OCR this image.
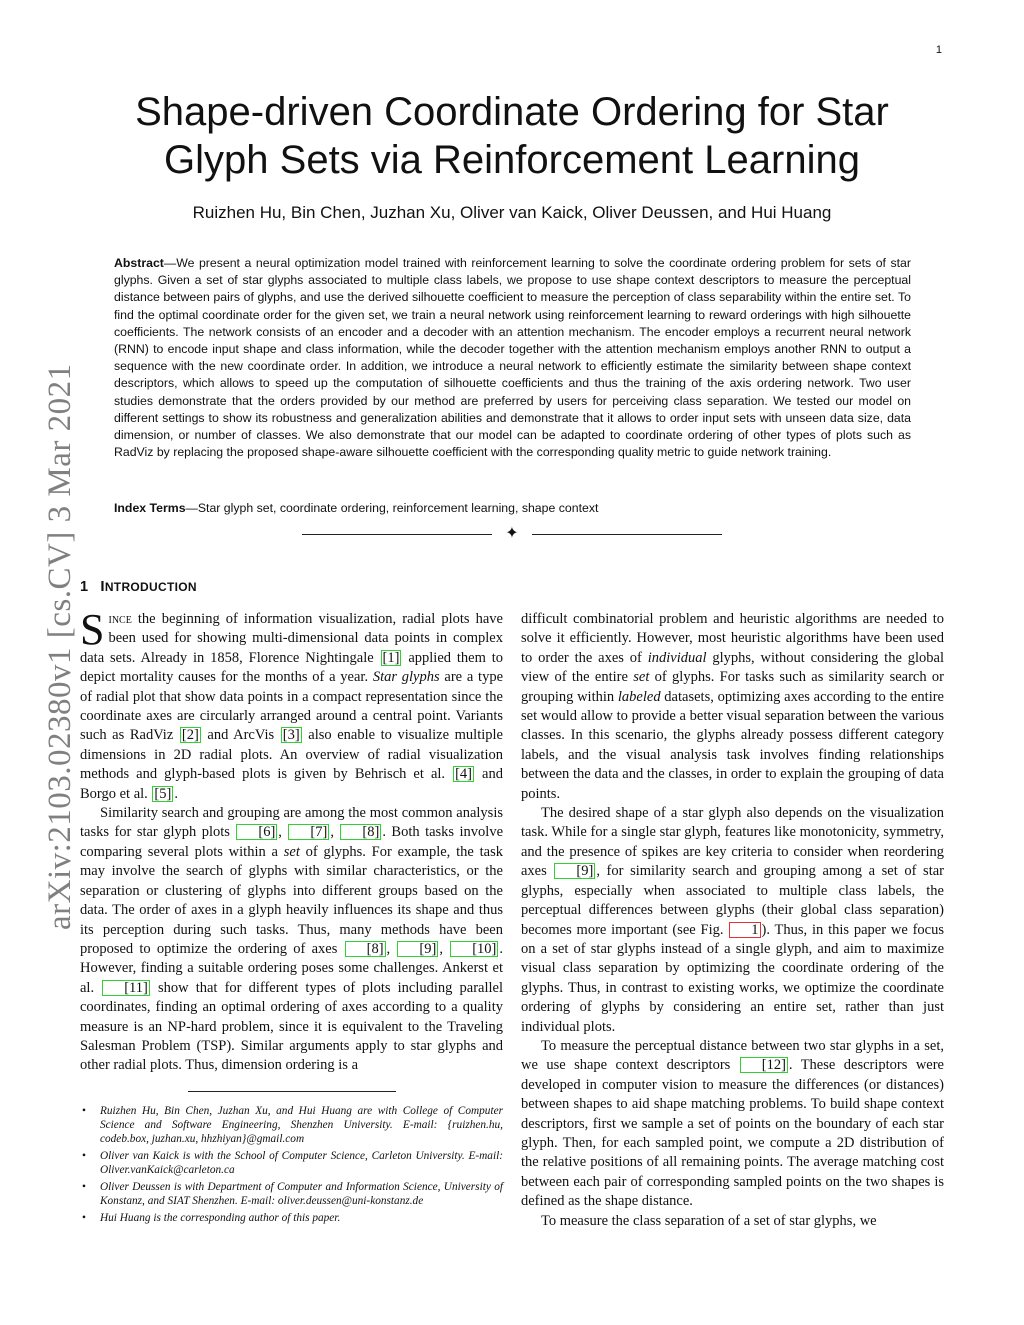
1
arXiv:2103.02380v1 [cs.CV] 3 Mar 2021
Shape-driven Coordinate Ordering for Star Glyph Sets via Reinforcement Learning
Ruizhen Hu, Bin Chen, Juzhan Xu, Oliver van Kaick, Oliver Deussen, and Hui Huang

Abstract—We present a neural optimization model trained with reinforcement learning to solve the coordinate ordering problem for sets of star glyphs. Given a set of star glyphs associated to multiple class labels, we propose to use shape context descriptors to measure the perceptual distance between pairs of glyphs, and use the derived silhouette coefficient to measure the perception of class separability within the entire set. To find the optimal coordinate order for the given set, we train a neural network using reinforcement learning to reward orderings with high silhouette coefficients. The network consists of an encoder and a decoder with an attention mechanism. The encoder employs a recurrent neural network (RNN) to encode input shape and class information, while the decoder together with the attention mechanism employs another RNN to output a sequence with the new coordinate order. In addition, we introduce a neural network to efficiently estimate the similarity between shape context descriptors, which allows to speed up the computation of silhouette coefficients and thus the training of the axis ordering network. Two user studies demonstrate that the orders provided by our method are preferred by users for perceiving class separation. We tested our model on different settings to show its robustness and generalization abilities and demonstrate that it allows to order input sets with unseen data size, data dimension, or number of classes. We also demonstrate that our model can be adapted to coordinate ordering of other types of plots such as RadViz by replacing the proposed shape-aware silhouette coefficient with the corresponding quality metric to guide network training.

Index Terms—Star glyph set, coordinate ordering, reinforcement learning, shape context

✦
1 INTRODUCTION

Since the beginning of information visualization, radial plots have been used for showing multi-dimensional data points in complex data sets. Already in 1858, Florence Nightingale [1] applied them to depict mortality causes for the months of a year. Star glyphs are a type of radial plot that show data points in a compact representation since the coordinate axes are circularly arranged around a central point. Variants such as RadViz [2] and ArcVis [3] also enable to visualize multiple dimensions in 2D radial plots. An overview of radial visualization methods and glyph-based plots is given by Behrisch et al. [4] and Borgo et al. [5] .

Similarity search and grouping are among the most common analysis tasks for star glyph plots [6] , [7] , [8] . Both tasks involve comparing several plots within a set of glyphs. For example, the task may involve the search of glyphs with similar characteristics, or the separation or clustering of glyphs into different groups based on the data. The order of axes in a glyph heavily influences its shape and thus its perception during such tasks. Thus, many methods have been proposed to optimize the ordering of axes [8] , [9] , [10] . However, finding a suitable ordering poses some challenges. Ankerst et al. [11] show that for different types of plots including parallel coordinates, finding an optimal ordering of axes according to a quality measure is an NP-hard problem, since it is equivalent to the Traveling Salesman Problem (TSP). Similar arguments apply to star glyphs and other radial plots. Thus, dimension ordering is a

difficult combinatorial problem and heuristic algorithms are needed to solve it efficiently. However, most heuristic algorithms have been used to order the axes of individual glyphs, without considering the global view of the entire set of glyphs. For tasks such as similarity search or grouping within labeled datasets, optimizing axes according to the entire set would allow to provide a better visual separation between the various classes. In this scenario, the glyphs already possess different category labels, and the visual analysis task involves finding relationships between the data and the classes, in order to explain the grouping of data points.

The desired shape of a star glyph also depends on the visualization task. While for a single star glyph, features like monotonicity, symmetry, and the presence of spikes are key criteria to consider when reordering axes [9] , for similarity search and grouping among a set of star glyphs, especially when associated to multiple class labels, the perceptual differences between glyphs (their global class separation) becomes more important (see Fig. 1 ). Thus, in this paper we focus on a set of star glyphs instead of a single glyph, and aim to maximize visual class separation by optimizing the coordinate ordering of the glyphs. Thus, in contrast to existing works, we optimize the coordinate ordering of glyphs by considering an entire set, rather than just individual plots.

To measure the perceptual distance between two star glyphs in a set, we use shape context descriptors [12] . These descriptors were developed in computer vision to measure the differences (or distances) between shapes to aid shape matching problems. To build shape context descriptors, first we sample a set of points on the boundary of each star glyph. Then, for each sampled point, we compute a 2D distribution of the relative positions of all remaining points. The average matching cost between each pair of corresponding sampled points on the two shapes is defined as the shape distance.

To measure the class separation of a set of star glyphs, we

• Ruizhen Hu, Bin Chen, Juzhan Xu, and Hui Huang are with College of Computer Science and Software Engineering, Shenzhen University. E-mail: {ruizhen.hu, codeb.box, juzhan.xu, hhzhiyan}@gmail.com
• Oliver van Kaick is with the School of Computer Science, Carleton University. E-mail: Oliver.vanKaick@carleton.ca
• Oliver Deussen is with Department of Computer and Information Science, University of Konstanz, and SIAT Shenzhen. E-mail: oliver.deussen@uni-konstanz.de
• Hui Huang is the corresponding author of this paper.
